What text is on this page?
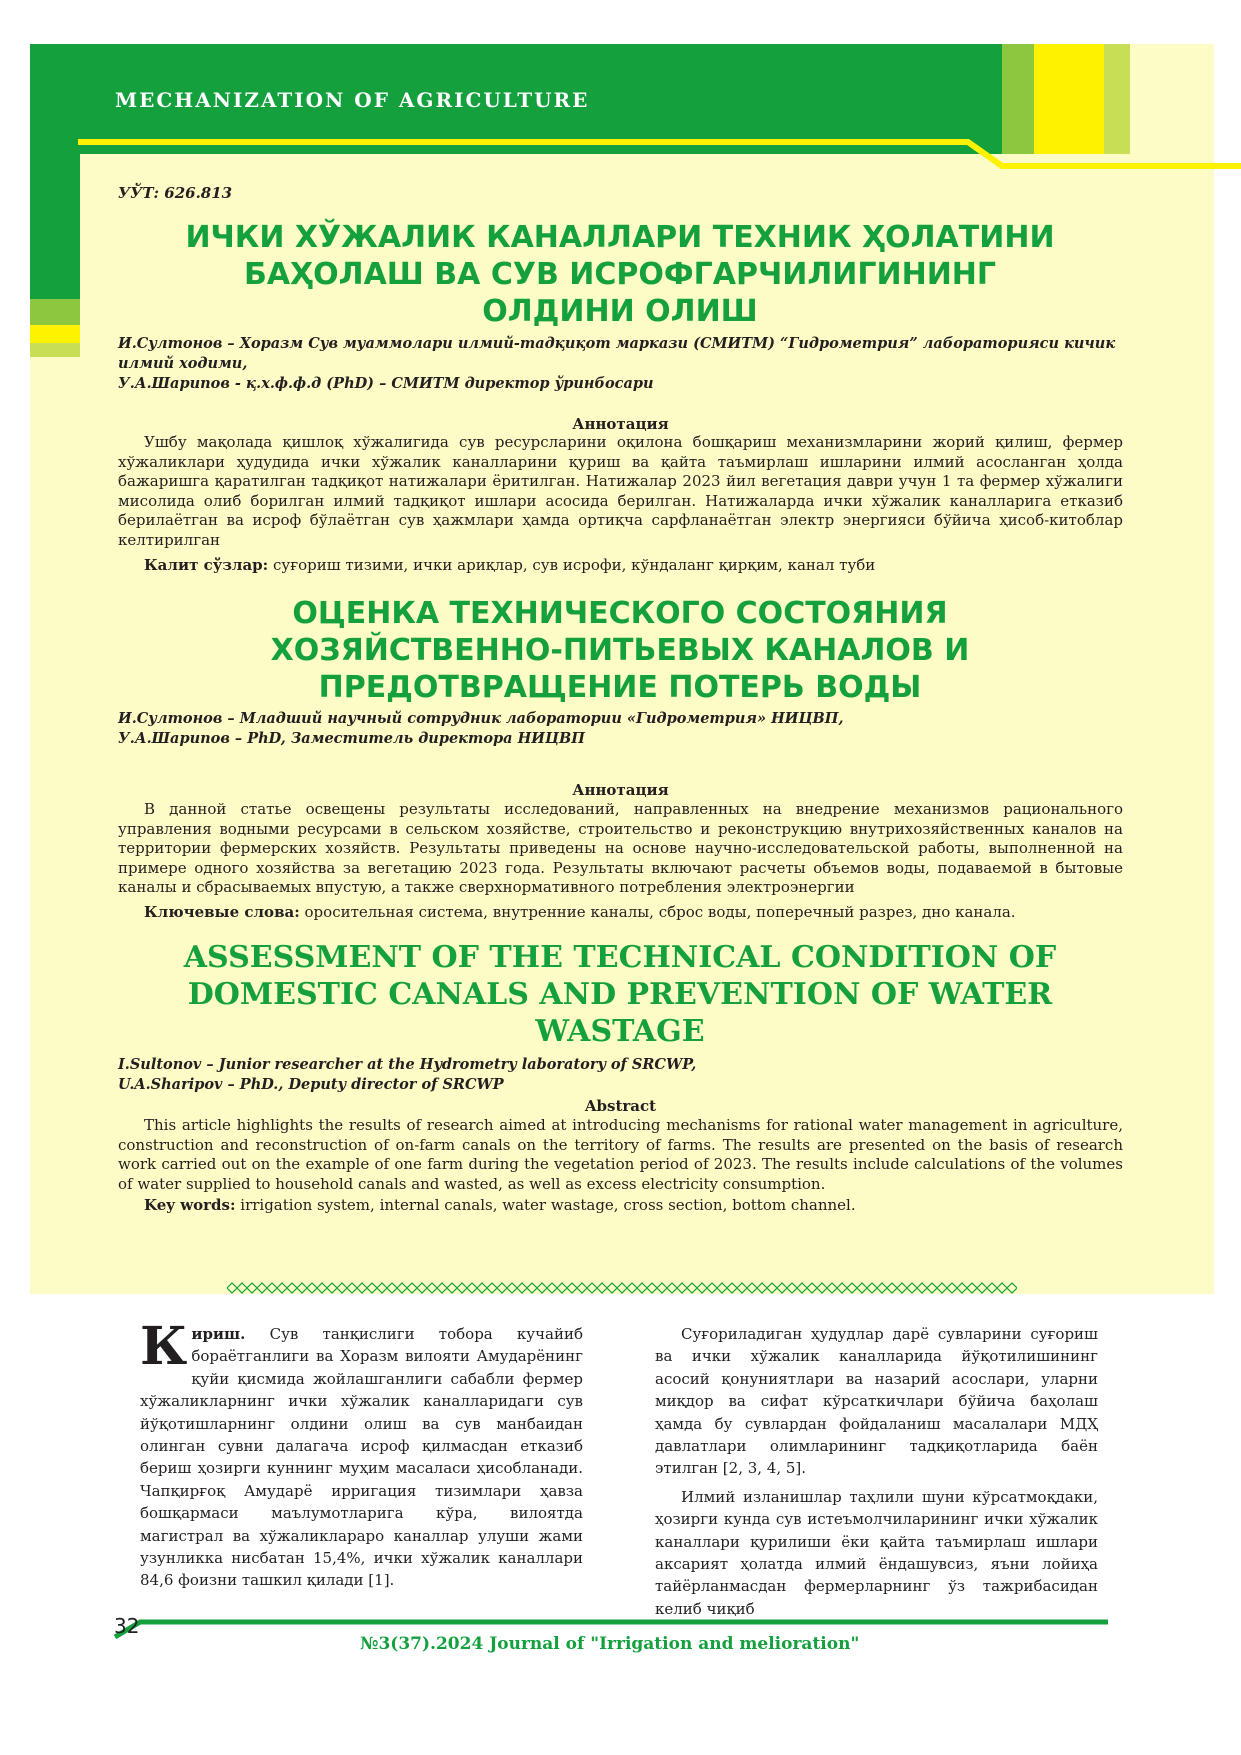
MECHANIZATION OF AGRICULTURE

УЎТ: 626.813

ИЧКИ ХЎЖАЛИК КАНАЛЛАРИ ТЕХНИК ҲОЛАТИНИ
БАҲОЛАШ ВА СУВ ИСРОФГАРЧИЛИГИНИНГ
ОЛДИНИ ОЛИШ
И.Султонов – Хоразм Сув муаммолари илмий-тадқиқот маркази (СМИТМ) “Гидрометрия” лабораторияси кичик
илмий ходими,
У.А.Шарипов - қ.х.ф.ф.д (PhD) – СМИТМ директор ўринбосари

Аннотация

Ушбу мақолада қишлоқ хўжалигида сув ресурсларини оқилона бошқариш механизмларини жорий қилиш, фермер хўжаликлари ҳудудида ички хўжалик каналларини қуриш ва қайта таъмирлаш ишларини илмий асосланган ҳолда бажаришга қаратилган тадқиқот натижалари ёритилган. Натижалар 2023 йил вегетация даври учун 1 та фермер хўжалиги мисолида олиб борилган илмий тадқиқот ишлари асосида берилган. Натижаларда ички хўжалик каналларига етказиб берилаётган ва исроф бўлаётган сув ҳажмлари ҳамда ортиқча сарфланаётган электр энергияси бўйича ҳисоб-китоблар келтирилган

Калит сўзлар: суғориш тизими, ички ариқлар, сув исрофи, кўндаланг қирқим, канал туби

ОЦЕНКА ТЕХНИЧЕСКОГО СОСТОЯНИЯ
ХОЗЯЙСТВЕННО-ПИТЬЕВЫХ КАНАЛОВ И
ПРЕДОТВРАЩЕНИЕ ПОТЕРЬ ВОДЫ
И.Султонов – Младший научный сотрудник лаборатории «Гидрометрия» НИЦВП,
У.А.Шарипов – PhD, Заместитель директора НИЦВП

Аннотация

В данной статье освещены результаты исследований, направленных на внедрение механизмов рационального управления водными ресурсами в сельском хозяйстве, строительство и реконструкцию внутрихозяйственных каналов на территории фермерских хозяйств. Результаты приведены на основе научно-исследовательской работы, выполненной на примере одного хозяйства за вегетацию 2023 года. Результаты включают расчеты объемов воды, подаваемой в бытовые каналы и сбрасываемых впустую, а также сверхнормативного потребления электроэнергии

Ключевые слова: оросительная система, внутренние каналы, сброс воды, поперечный разрез, дно канала.

ASSESSMENT OF THE TECHNICAL CONDITION OF
DOMESTIC CANALS AND PREVENTION OF WATER
WASTAGE
I.Sultonov – Junior researcher at the Hydrometry laboratory of SRCWP,
U.A.Sharipov – PhD., Deputy director of SRCWP

Abstract

This article highlights the results of research aimed at introducing mechanisms for rational water management in agriculture, construction and reconstruction of on-farm canals on the territory of farms. The results are presented on the basis of research work carried out on the example of one farm during the vegetation period of 2023. The results include calculations of the volumes of water supplied to household canals and wasted, as well as excess electricity consumption.

Key words: irrigation system, internal canals, water wastage, cross section, bottom channel.

Кириш. Сув танқислиги тобора кучайиб бораётганлиги ва Хоразм вилояти Амударёнинг қуйи қисмида жойлашганлиги сабабли фермер хўжаликларнинг ички хўжалик каналларидаги сув йўқотишларнинг олдини олиш ва сув манбаидан олинган сувни далагача исроф қилмасдан етказиб бериш ҳозирги куннинг муҳим масаласи ҳисобланади. Чапқирғоқ Амударё ирригация тизимлари ҳавза бошқармаси маълумотларига кўра, вилоятда магистрал ва хўжаликлараро каналлар улуши жами узунликка нисбатан 15,4%, ички хўжалик каналлари 84,6 фоизни ташкил қилади [1].

Суғориладиган ҳудудлар дарё сувларини суғориш ва ички хўжалик каналларида йўқотилишининг асосий қонуниятлари ва назарий асослари, уларни миқдор ва сифат кўрсаткичлари бўйича баҳолаш ҳамда бу сувлардан фойдаланиш масалалари МДҲ давлатлари олимларининг тадқиқотларида баён этилган [2, 3, 4, 5].

Илмий изланишлар таҳлили шуни кўрсатмоқдаки, ҳозирги кунда сув истеъмолчиларининг ички хўжалик каналлари қурилиши ёки қайта таъмирлаш ишлари аксарият ҳолатда илмий ёндашувсиз, яъни лойиҳа тайёрланмасдан фермерларнинг ўз тажрибасидан келиб чиқиб

32

№3(37).2024 Journal of "Irrigation and melioration"
